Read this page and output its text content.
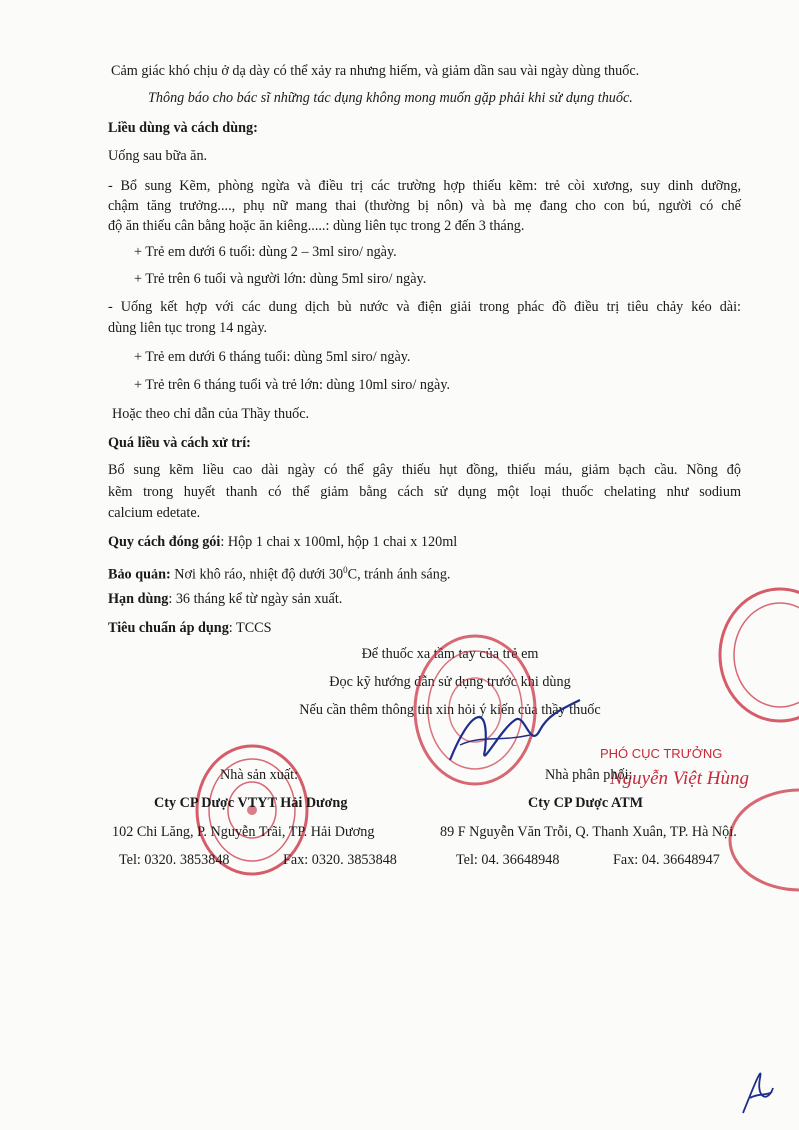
Cảm giác khó chịu ở dạ dày có thể xảy ra nhưng hiếm, và giảm dần sau vài ngày dùng thuốc.
Thông báo cho bác sĩ những tác dụng không mong muốn gặp phải khi sử dụng thuốc.
Liều dùng và cách dùng:
Uống sau bữa ăn.
- Bổ sung Kẽm, phòng ngừa và điều trị các trường hợp thiếu kẽm: trẻ còi xương, suy dinh dưỡng,
chậm tăng trưởng...., phụ nữ mang thai (thường bị nôn) và bà mẹ đang cho con bú, người có chế
độ ăn thiếu cân bằng hoặc ăn kiêng.....: dùng liên tục trong 2 đến 3 tháng.
+ Trẻ em dưới 6 tuổi: dùng 2 – 3ml siro/ ngày.
+ Trẻ trên 6 tuổi và người lớn: dùng 5ml siro/ ngày.
- Uống kết hợp với các dung dịch bù nước và điện giải trong phác đồ điều trị tiêu chảy kéo dài:
dùng liên tục trong 14 ngày.
+ Trẻ em dưới 6 tháng tuổi: dùng 5ml siro/ ngày.
+ Trẻ trên 6 tháng tuổi và trẻ lớn: dùng 10ml siro/ ngày.
Hoặc theo chỉ dẫn của Thầy thuốc.
Quá liều và cách xử trí:
Bổ sung kẽm liều cao dài ngày có thể gây thiếu hụt đồng, thiếu máu, giảm bạch cầu. Nồng độ
kẽm trong huyết thanh có thể giảm bằng cách sử dụng một loại thuốc chelating như sodium
calcium edetate.
Quy cách đóng gói: Hộp 1 chai x 100ml, hộp 1 chai x 120ml
Bảo quản: Nơi khô ráo, nhiệt độ dưới $30^0C$, tránh ánh sáng.
Hạn dùng: 36 tháng kể từ ngày sản xuất.
Tiêu chuẩn áp dụng: TCCS
Để thuốc xa tầm tay của trẻ em
Đọc kỹ hướng dẫn sử dụng trước khi dùng
Nếu cần thêm thông tin xin hỏi ý kiến của thầy thuốc
PHÓ CỤC TRƯỞNG
Nguyễn Việt Hùng
Nhà sản xuất:
Cty CP Dược VTYT Hải Dương
102 Chi Lăng, P. Nguyễn Trãi, TP. Hải Dương
Tel: 0320. 3853848	Fax: 0320. 3853848
Nhà phân phối:
Cty CP Dược ATM
89 F Nguyễn Văn Trỗi, Q. Thanh Xuân, TP. Hà Nội.
Tel: 04. 36648948	Fax: 04. 36648947
